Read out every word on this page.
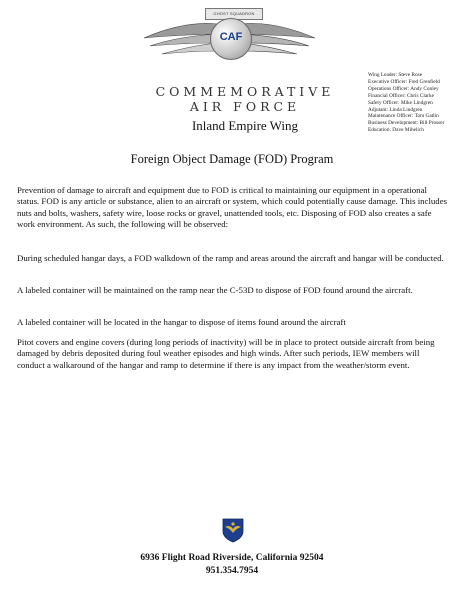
GHOST SQUADRON
CAF
COMMEMORATIVE
AIR FORCE
Inland Empire Wing
Wing Leader: Steve Rose
Executive Officer: Fred Grenfield
Operations Officer: Andy Conley
Financial Officer: Chris Clarke
Safety Officer: Mike Lindgren
Adjutant: Linda Lindgren
Maintenance Officer: Tom Gatlin
Business Development: Bill Prosser
Education: Dave Mihelich
Foreign Object Damage (FOD) Program

Prevention of damage to aircraft and equipment due to FOD is critical to maintaining our equipment in a operational status. FOD is any article or substance, alien to an aircraft or system, which could potentially cause damage. This includes nuts and bolts, washers, safety wire, loose rocks or gravel, unattended tools, etc. Disposing of FOD also creates a safe work environment. As such, the following will be observed:

During scheduled hangar days, a FOD walkdown of the ramp and areas around the aircraft and hangar will be conducted.

A labeled container will be maintained on the ramp near the C-53D to dispose of FOD found around the aircraft.

A labeled container will be located in the hangar to dispose of items found around the aircraft

Pitot covers and engine covers (during long periods of inactivity) will be in place to protect outside aircraft from being damaged by debris deposited during foul weather episodes and high winds. After such periods, IEW members will conduct a walkaround of the hangar and ramp to determine if there is any impact from the weather/storm event.

6936 Flight Road Riverside, California 92504
951.354.7954
